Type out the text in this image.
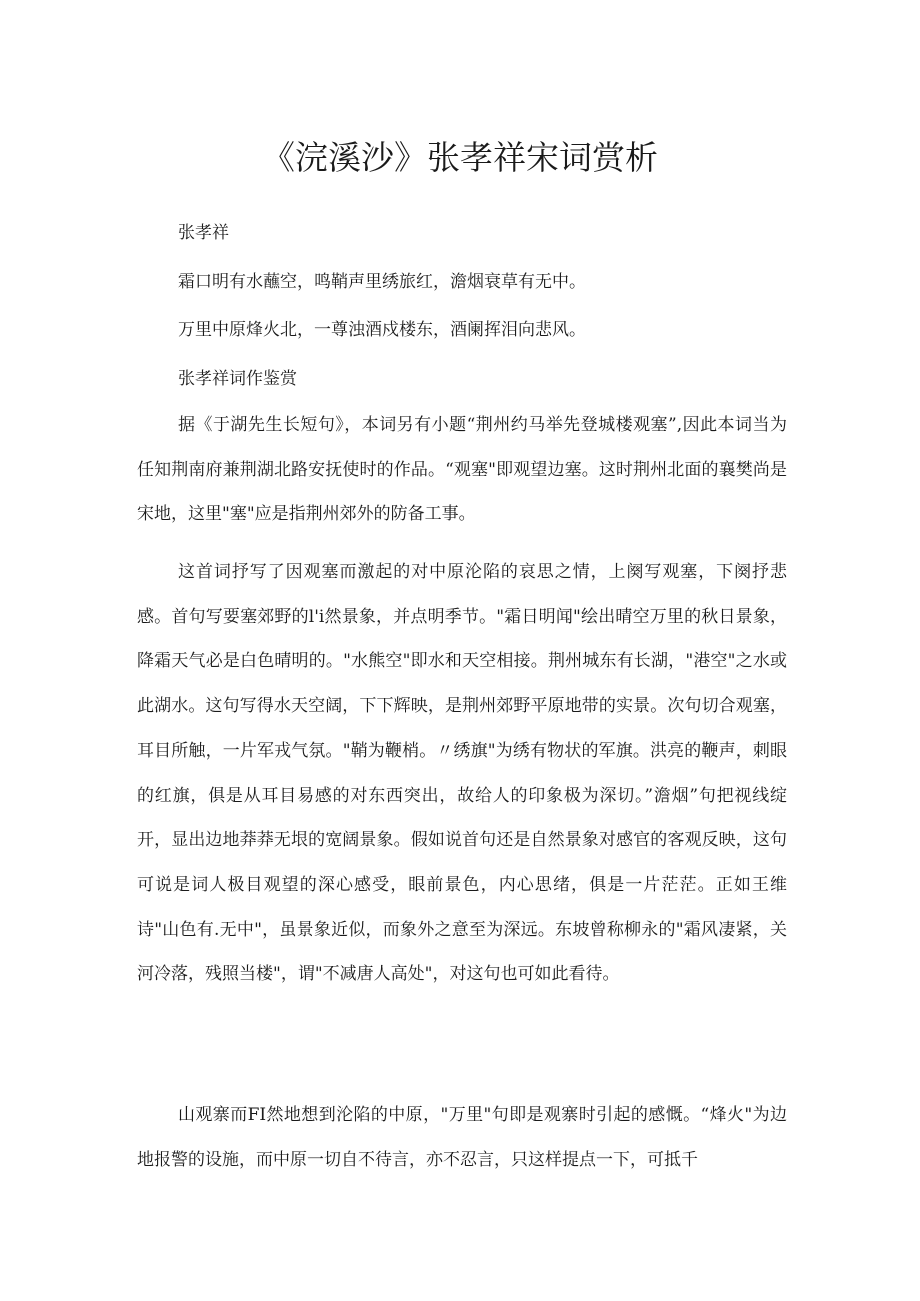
《浣溪沙》张孝祥宋词赏析

张孝祥

霜口明有水蘸空，鸣鞘声里绣旅红，澹烟衰草有无中。

万里中原烽火北，一尊浊酒戍楼东，酒阑挥泪向悲风。

张孝祥词作鉴赏

据《于湖先生长短句》，本词另有小题“荆州约马举先登城楼观塞”,因此本词当为任知荆南府兼荆湖北路安抚使时的作品。“观塞"即观望边塞。这时荆州北面的襄樊尚是宋地，这里"塞"应是指荆州郊外的防备工事。

这首词抒写了因观塞而激起的对中原沦陷的哀思之情，上阕写观塞，下阕抒悲感。首句写要塞郊野的l'i然景象，并点明季节。"霜日明闻"绘出晴空万里的秋日景象，降霜天气必是白色晴明的。"水熊空"即水和天空相接。荆州城东有长湖，"港空"之水或此湖水。这句写得水天空阔，下下辉映，是荆州郊野平原地带的实景。次句切合观塞，耳目所触，一片军戎气氛。"鞘为鞭梢。〃绣旗"为绣有物状的军旗。洪亮的鞭声，刺眼的红旗，俱是从耳目易感的对东西突出，故给人的印象极为深切。”澹烟”句把视线绽开，显出边地莽莽无垠的宽阔景象。假如说首句还是自然景象对感官的客观反映，这句可说是词人极目观望的深心感受，眼前景色，内心思绪，俱是一片茫茫。正如王维诗"山色有.无中"，虽景象近似，而象外之意至为深远。东坡曾称柳永的"霜风凄紧，关河冷落，残照当楼"，谓"不减唐人高处"，对这句也可如此看待。

山观寨而FI然地想到沦陷的中原，"万里"句即是观寨时引起的感慨。“烽火"为边地报警的设施，而中原一切自不待言，亦不忍言，只这样提点一下，可抵千
